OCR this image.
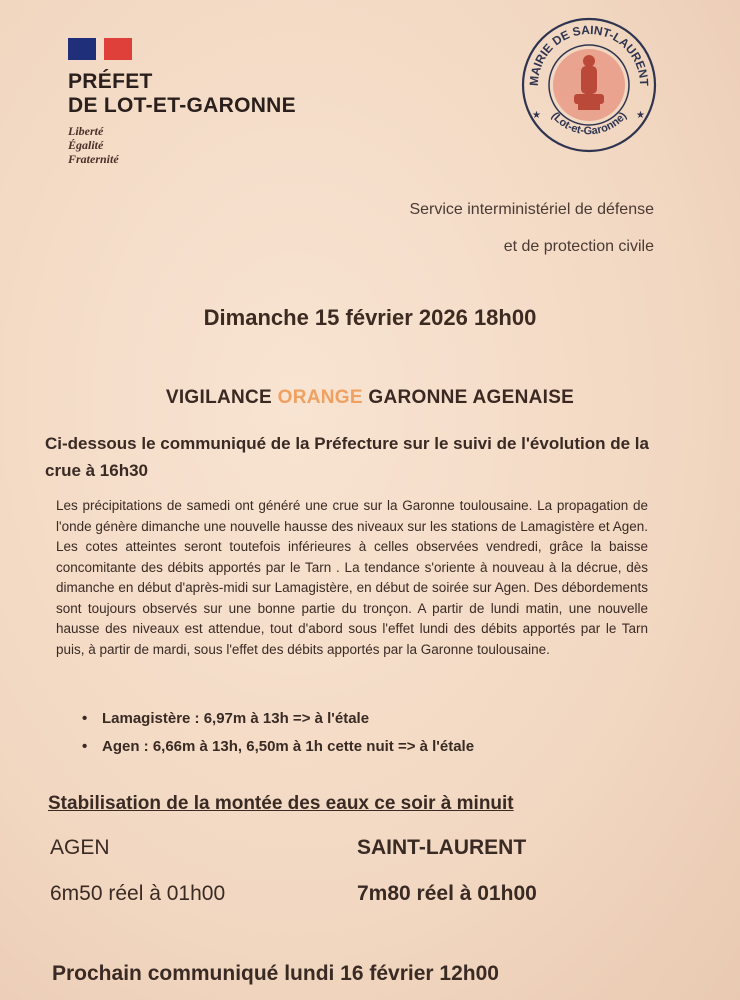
PRÉFET
DE LOT-ET-GARONNE
Liberté
Égalité
Fraternité
MAIRIE DE SAINT-LAURENT
(Lot-et-Garonne)
★	★
Service interministériel de défense
et de protection civile
Dimanche 15 février 2026 18h00
VIGILANCE ORANGE GARONNE AGENAISE
Ci-dessous le communiqué de la Préfecture sur le suivi de l'évolution de la crue à 16h30
Les précipitations de samedi ont généré une crue sur la Garonne toulousaine. La propagation de l'onde génère dimanche une nouvelle hausse des niveaux sur les stations de Lamagistère et Agen. Les cotes atteintes seront toutefois inférieures à celles observées vendredi, grâce la baisse concomitante des débits apportés par le Tarn . La tendance s'oriente à nouveau à la décrue, dès dimanche en début d'après-midi sur Lamagistère, en début de soirée sur Agen. Des débordements sont toujours observés sur une bonne partie du tronçon. A partir de lundi matin, une nouvelle hausse des niveaux est attendue, tout d'abord sous l'effet lundi des débits apportés par le Tarn puis, à partir de mardi, sous l'effet des débits apportés par la Garonne toulousaine.
• Lamagistère : 6,97m à 13h => à l'étale
• Agen : 6,66m à 13h, 6,50m à 1h cette nuit => à l'étale
Stabilisation de la montée des eaux ce soir à minuit
AGEN	SAINT-LAURENT
6m50 réel à 01h00	7m80 réel à 01h00
Prochain communiqué lundi 16 février 12h00
